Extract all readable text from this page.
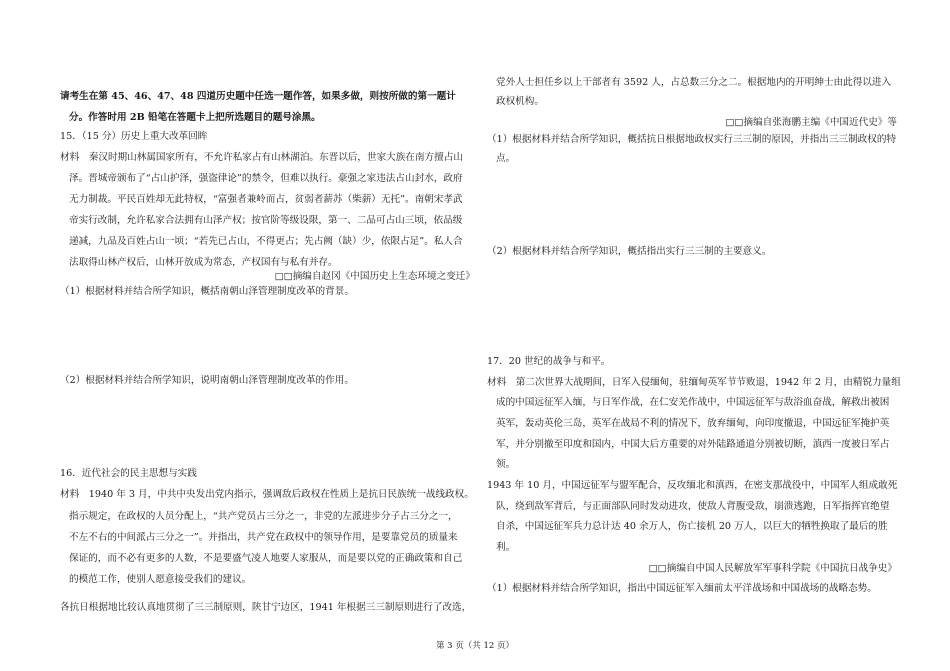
请考生在第 45、46、47、48 四道历史题中任选一题作答，如果多做，则按所做的第一题计
分。作答时用 2B 铅笔在答题卡上把所选题目的题号涂黑。
15．（15 分）历史上重大改革回眸
材料　秦汉时期山林属国家所有，不允许私家占有山林湖泊。东晋以后，世家大族在南方擅占山
泽。晋城帝颁布了“占山护泽，强盗律论”的禁令，但难以执行。豪强之家违法占山封水，政府
无力制裁。平民百姓却无此特权，“富强者兼岭而占，贫弱者薪苏（柴薪）无托”。南朝宋孝武
帝实行改制，允许私家合法拥有山泽产权；按官阶等级设限，第一、二品可占山三顷，依品级
递减，九品及百姓占山一顷；“若先已占山，不得更占；先占阙（缺）少，依限占足”。私人合
法取得山林产权后，山林开放成为常态，产权国有与私有并存。
□□摘编自赵冈《中国历史上生态环境之变迁》
（1）根据材料并结合所学知识，概括南朝山泽管理制度改革的背景。
（2）根据材料并结合所学知识，说明南朝山泽管理制度改革的作用。
16．近代社会的民主思想与实践
材料　1940 年 3 月，中共中央发出党内指示，强调敌后政权在性质上是抗日民族统一战线政权。
指示规定，在政权的人员分配上，“共产党员占三分之一，非党的左派进步分子占三分之一，
不左不右的中间派占三分之一”。并指出，共产党在政权中的领导作用，是要靠党员的质量来
保证的，而不必有更多的人数，不是要盛气凌人地要人家服从，而是要以党的正确政策和自己
的模范工作，使别人愿意接受我们的建议。
各抗日根据地比较认真地贯彻了三三制原则，陕甘宁边区，1941 年根据三三制原则进行了改选，
党外人士担任乡以上干部者有 3592 人，占总数三分之二。根据地内的开明绅士由此得以进入
政权机构。
□□摘编自张海鹏主编《中国近代史》等
（1）根据材料并结合所学知识，概括抗日根据地政权实行三三制的原因，并指出三三制政权的特
点。
（2）根据材料并结合所学知识，概括指出实行三三制的主要意义。
17．20 世纪的战争与和平。
材料　第二次世界大战期间，日军入侵缅甸，驻缅甸英军节节败退，1942 年 2 月，由精锐力量组
成的中国远征军入缅，与日军作战，在仁安羌作战中，中国远征军与敌浴血奋战，解救出被困
英军，轰动英伦三岛，英军在战局不利的情况下，放弃缅甸，向印度撤退，中国远征军掩护英
军，并分别撤至印度和国内，中国大后方重要的对外陆路通道分别被切断，滇西一度被日军占
领。
1943 年 10 月，中国远征军与盟军配合，反攻缅北和滇西，在密支那战役中，中国军人组成敢死
队，绕到敌军背后，与正面部队同时发动进攻，使敌人背腹受敌，崩溃逃跑，日军指挥官绝望
自杀，中国远征军兵力总计达 40 余万人，伤亡接机 20 万人，以巨大的牺牲换取了最后的胜
利。
□□摘编自中国人民解放军军事科学院《中国抗日战争史》
（1）根据材料并结合所学知识，指出中国远征军入缅前太平洋战场和中国战场的战略态势。
第 3 页（共 12 页）
